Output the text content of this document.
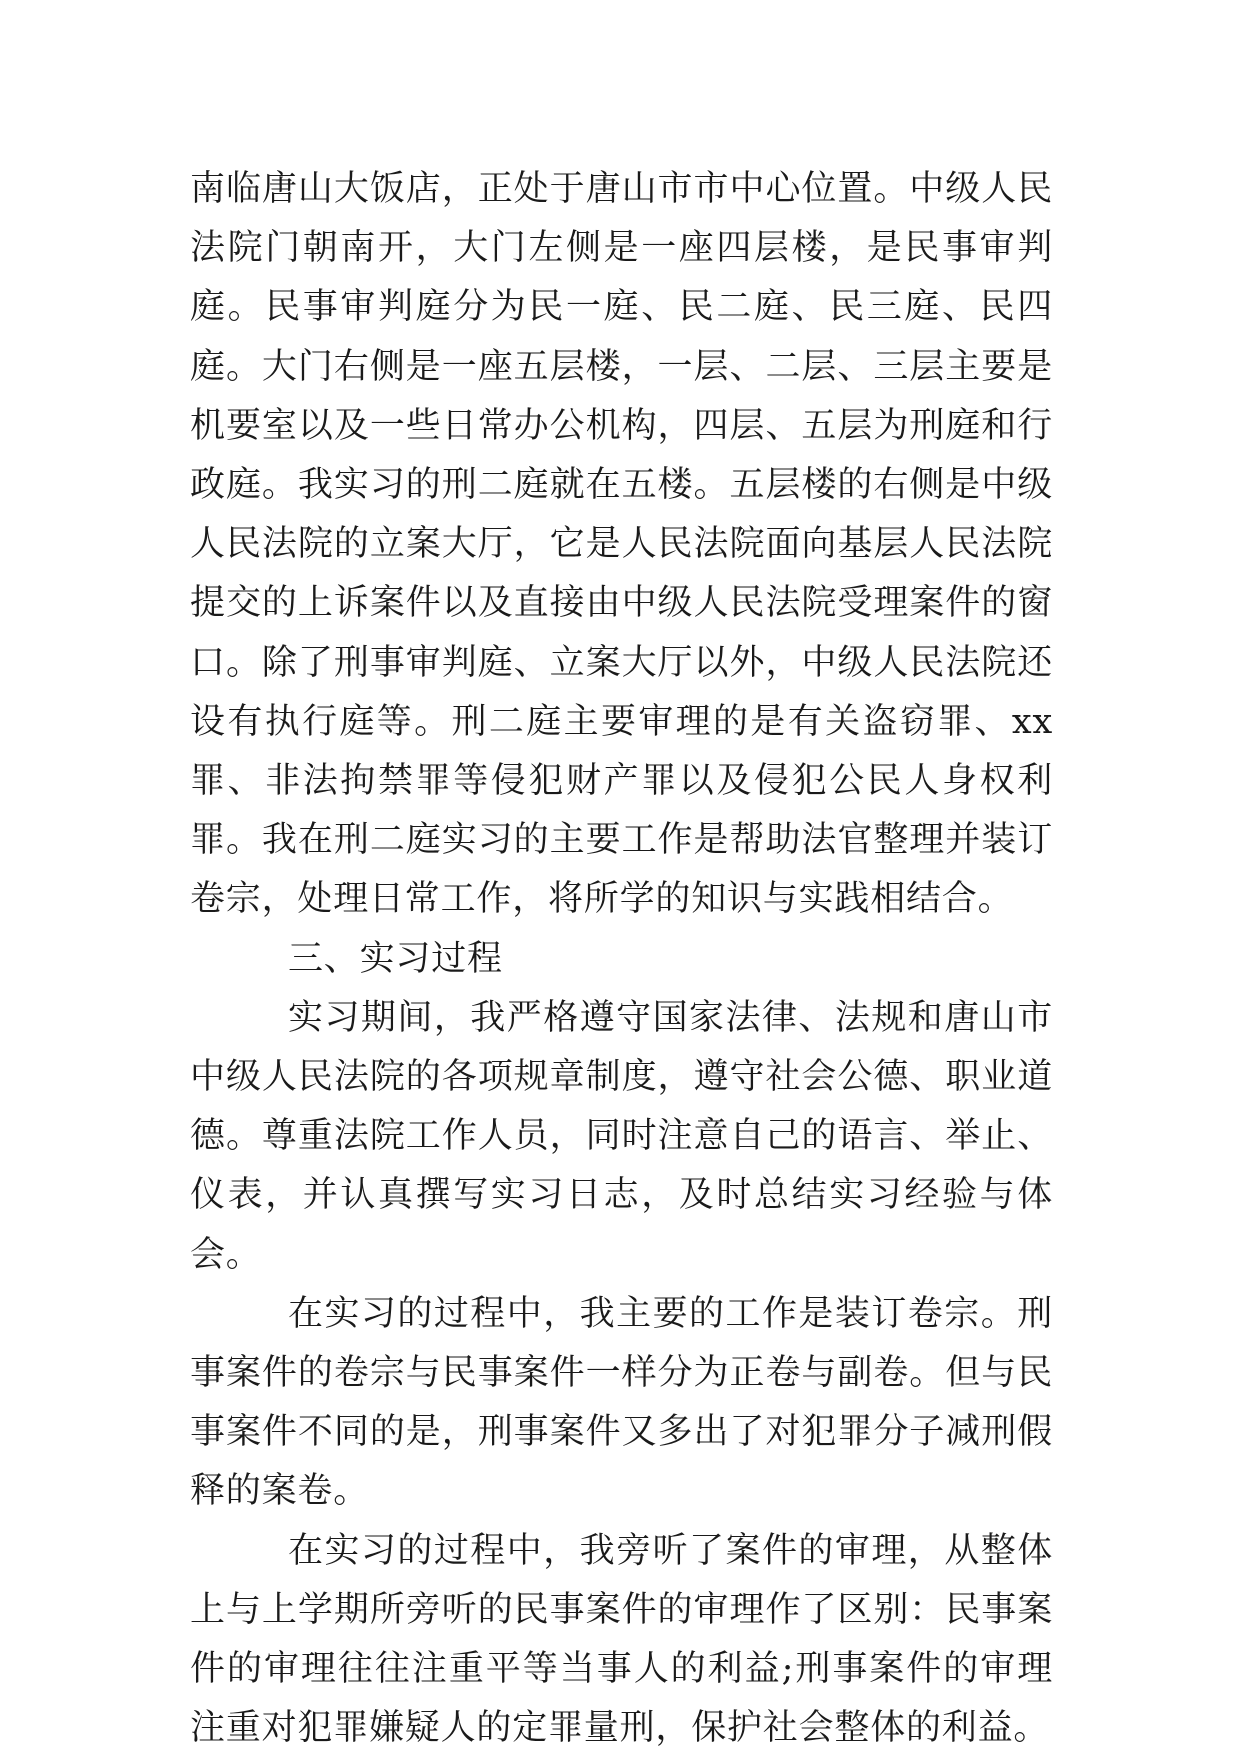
南临唐山大饭店，正处于唐山市市中心位置。中级人民法院门朝南开，大门左侧是一座四层楼，是民事审判庭。民事审判庭分为民一庭、民二庭、民三庭、民四庭。大门右侧是一座五层楼，一层、二层、三层主要是机要室以及一些日常办公机构，四层、五层为刑庭和行政庭。我实习的刑二庭就在五楼。五层楼的右侧是中级人民法院的立案大厅，它是人民法院面向基层人民法院提交的上诉案件以及直接由中级人民法院受理案件的窗口。除了刑事审判庭、立案大厅以外，中级人民法院还设有执行庭等。刑二庭主要审理的是有关盗窃罪、xx罪、非法拘禁罪等侵犯财产罪以及侵犯公民人身权利罪。我在刑二庭实习的主要工作是帮助法官整理并装订卷宗，处理日常工作，将所学的知识与实践相结合。

三、实习过程

实习期间，我严格遵守国家法律、法规和唐山市中级人民法院的各项规章制度，遵守社会公德、职业道德。尊重法院工作人员，同时注意自己的语言、举止、仪表，并认真撰写实习日志，及时总结实习经验与体会。

在实习的过程中，我主要的工作是装订卷宗。刑事案件的卷宗与民事案件一样分为正卷与副卷。但与民事案件不同的是，刑事案件又多出了对犯罪分子减刑假释的案卷。

在实习的过程中，我旁听了案件的审理，从整体上与上学期所旁听的民事案件的审理作了区别：民事案件的审理往往注重平等当事人的利益;刑事案件的审理注重对犯罪嫌疑人的定罪量刑，保护社会整体的利益。
